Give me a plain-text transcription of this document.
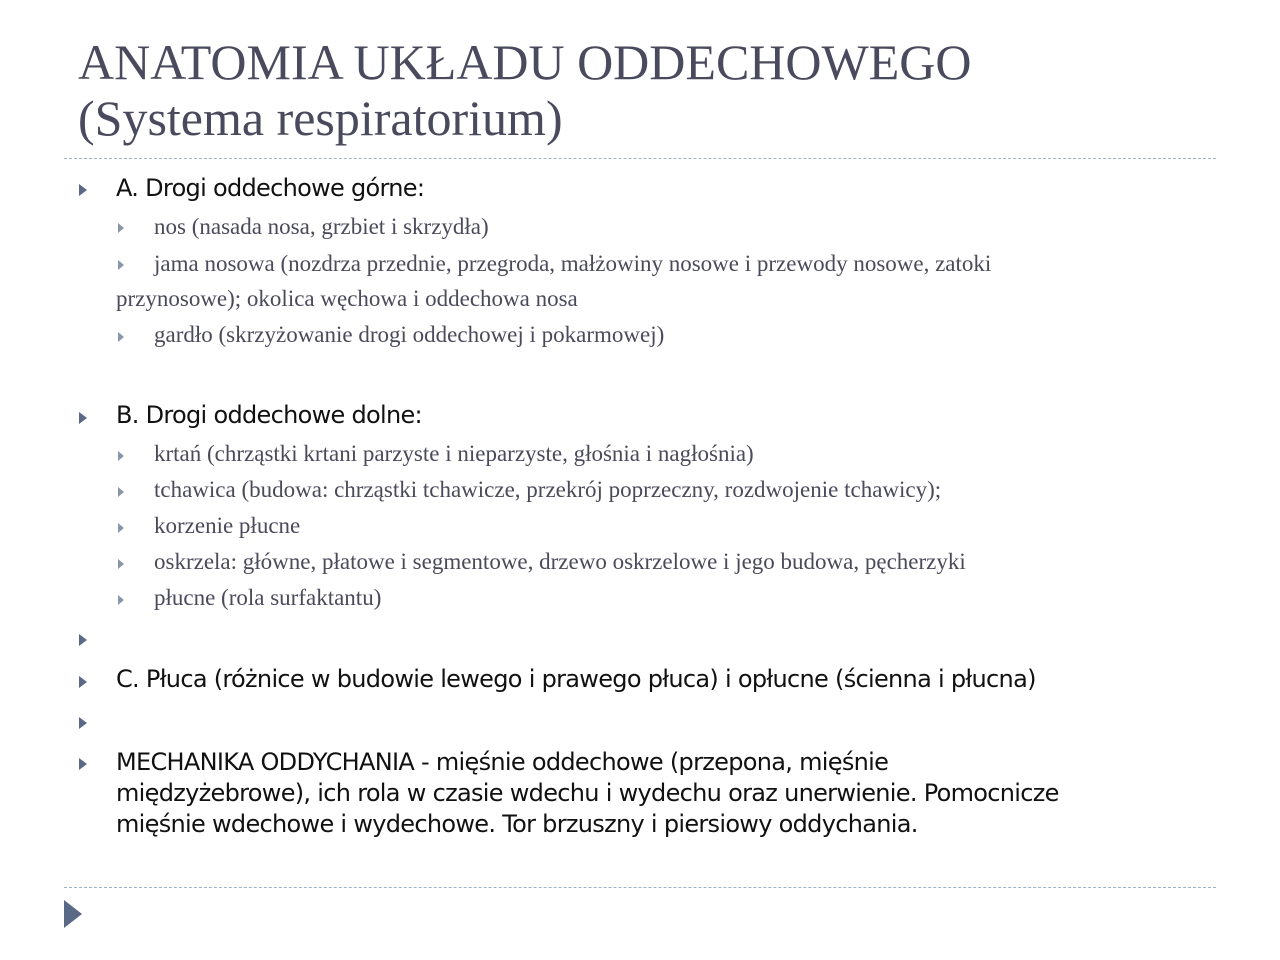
ANATOMIA UKŁADU ODDECHOWEGO
(Systema respiratorium)
A. Drogi oddechowe górne:
nos (nasada nosa, grzbiet i skrzydła)
jama nosowa (nozdrza przednie, przegroda, małżowiny nosowe i przewody nosowe, zatoki
przynosowe); okolica węchowa i oddechowa nosa
gardło (skrzyżowanie drogi oddechowej i pokarmowej)
B. Drogi oddechowe dolne:
krtań (chrząstki krtani parzyste i nieparzyste, głośnia i nagłośnia)
tchawica (budowa: chrząstki tchawicze, przekrój poprzeczny, rozdwojenie tchawicy);
korzenie płucne
oskrzela: główne, płatowe i segmentowe, drzewo oskrzelowe i jego budowa, pęcherzyki
płucne (rola surfaktantu)
C. Płuca (różnice w budowie lewego i prawego płuca) i opłucne (ścienna i płucna)
MECHANIKA ODDYCHANIA - mięśnie oddechowe (przepona, mięśnie
międzyżebrowe), ich rola w czasie wdechu i wydechu oraz unerwienie. Pomocnicze
mięśnie wdechowe i wydechowe. Tor brzuszny i piersiowy oddychania.
